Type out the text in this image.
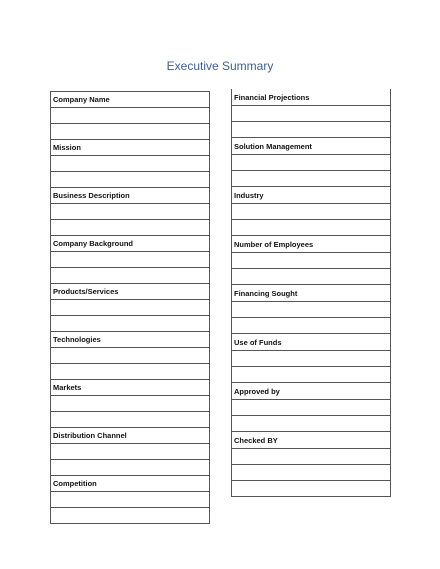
Executive Summary
Company Name

Mission

Business Description

Company Background

Products/Services

Technologies

Markets

Distribution Channel

Competition

Financial Projections

Solution Management

Industry

Number of Employees

Financing Sought

Use of Funds

Approved by

Checked BY
